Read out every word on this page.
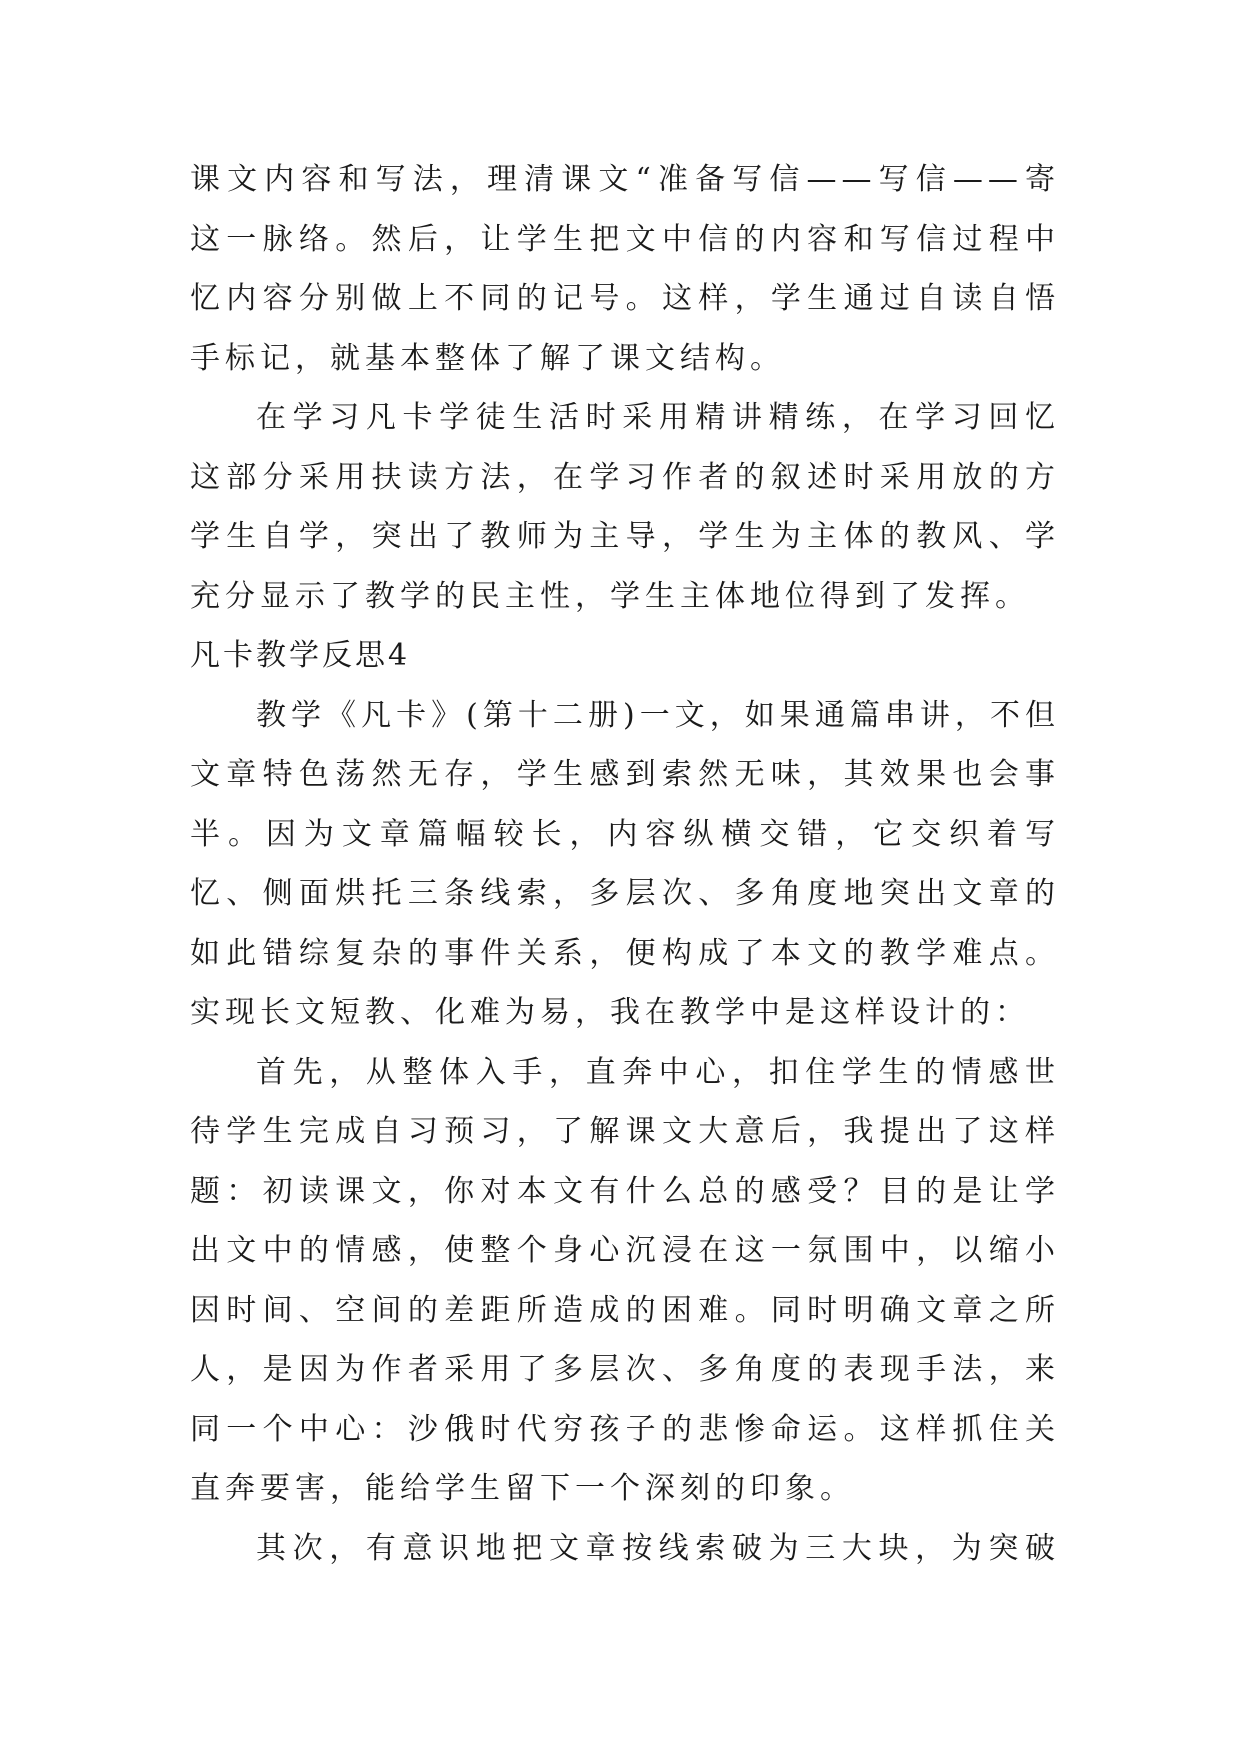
课文内容和写法，理清课文“准备写信——写信——寄
这一脉络。然后，让学生把文中信的内容和写信过程中
忆内容分别做上不同的记号。这样，学生通过自读自悟
手标记，就基本整体了解了课文结构。
在学习凡卡学徒生活时采用精讲精练，在学习回忆
这部分采用扶读方法，在学习作者的叙述时采用放的方
学生自学，突出了教师为主导，学生为主体的教风、学
充分显示了教学的民主性，学生主体地位得到了发挥。
凡卡教学反思4
教学《凡卡》(第十二册)一文，如果通篇串讲，不但
文章特色荡然无存，学生感到索然无味，其效果也会事
半。因为文章篇幅较长，内容纵横交错，它交织着写
忆、侧面烘托三条线索，多层次、多角度地突出文章的
如此错综复杂的事件关系，便构成了本文的教学难点。
实现长文短教、化难为易，我在教学中是这样设计的：
首先，从整体入手，直奔中心，扣住学生的情感世
待学生完成自习预习，了解课文大意后，我提出了这样
题：初读课文，你对本文有什么总的感受？目的是让学
出文中的情感，使整个身心沉浸在这一氛围中，以缩小
因时间、空间的差距所造成的困难。同时明确文章之所
人，是因为作者采用了多层次、多角度的表现手法，来
同一个中心：沙俄时代穷孩子的悲惨命运。这样抓住关
直奔要害，能给学生留下一个深刻的印象。
其次，有意识地把文章按线索破为三大块，为突破
